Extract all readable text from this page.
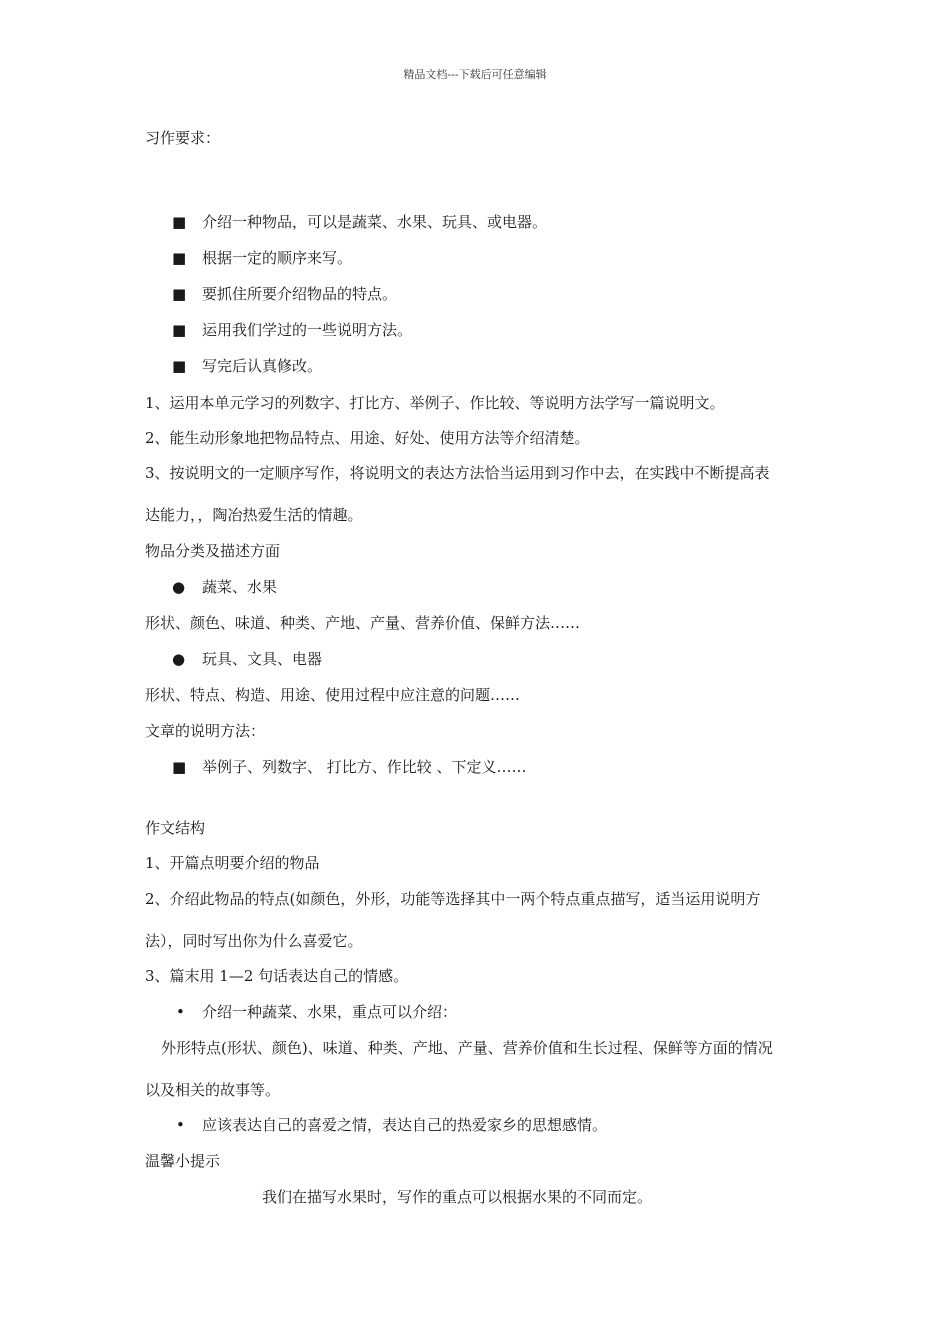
精品文档---下载后可任意编辑
习作要求：
■ 介绍一种物品，可以是蔬菜、水果、玩具、或电器。
■ 根据一定的顺序来写。
■ 要抓住所要介绍物品的特点。
■ 运用我们学过的一些说明方法。
■ 写完后认真修改。
1、运用本单元学习的列数字、打比方、举例子、作比较、等说明方法学写一篇说明文。
2、能生动形象地把物品特点、用途、好处、使用方法等介绍清楚。
3、按说明文的一定顺序写作，将说明文的表达方法恰当运用到习作中去，在实践中不断提高表
达能力，，陶冶热爱生活的情趣。
物品分类及描述方面
● 蔬菜、水果
形状、颜色、味道、种类、产地、产量、营养价值、保鲜方法……
● 玩具、文具、电器
形状、特点、构造、用途、使用过程中应注意的问题……
文章的说明方法：
■ 举例子、列数字、 打比方、作比较 、下定义……
作文结构
1、开篇点明要介绍的物品
2、介绍此物品的特点(如颜色，外形，功能等选择其中一两个特点重点描写，适当运用说明方
法），同时写出你为什么喜爱它。
3、篇末用 1—2 句话表达自己的情感。
• 介绍一种蔬菜、水果，重点可以介绍：
外形特点(形状、颜色)、味道、种类、产地、产量、营养价值和生长过程、保鲜等方面的情况
以及相关的故事等。
• 应该表达自己的喜爱之情，表达自己的热爱家乡的思想感情。
温馨小提示
我们在描写水果时，写作的重点可以根据水果的不同而定。
